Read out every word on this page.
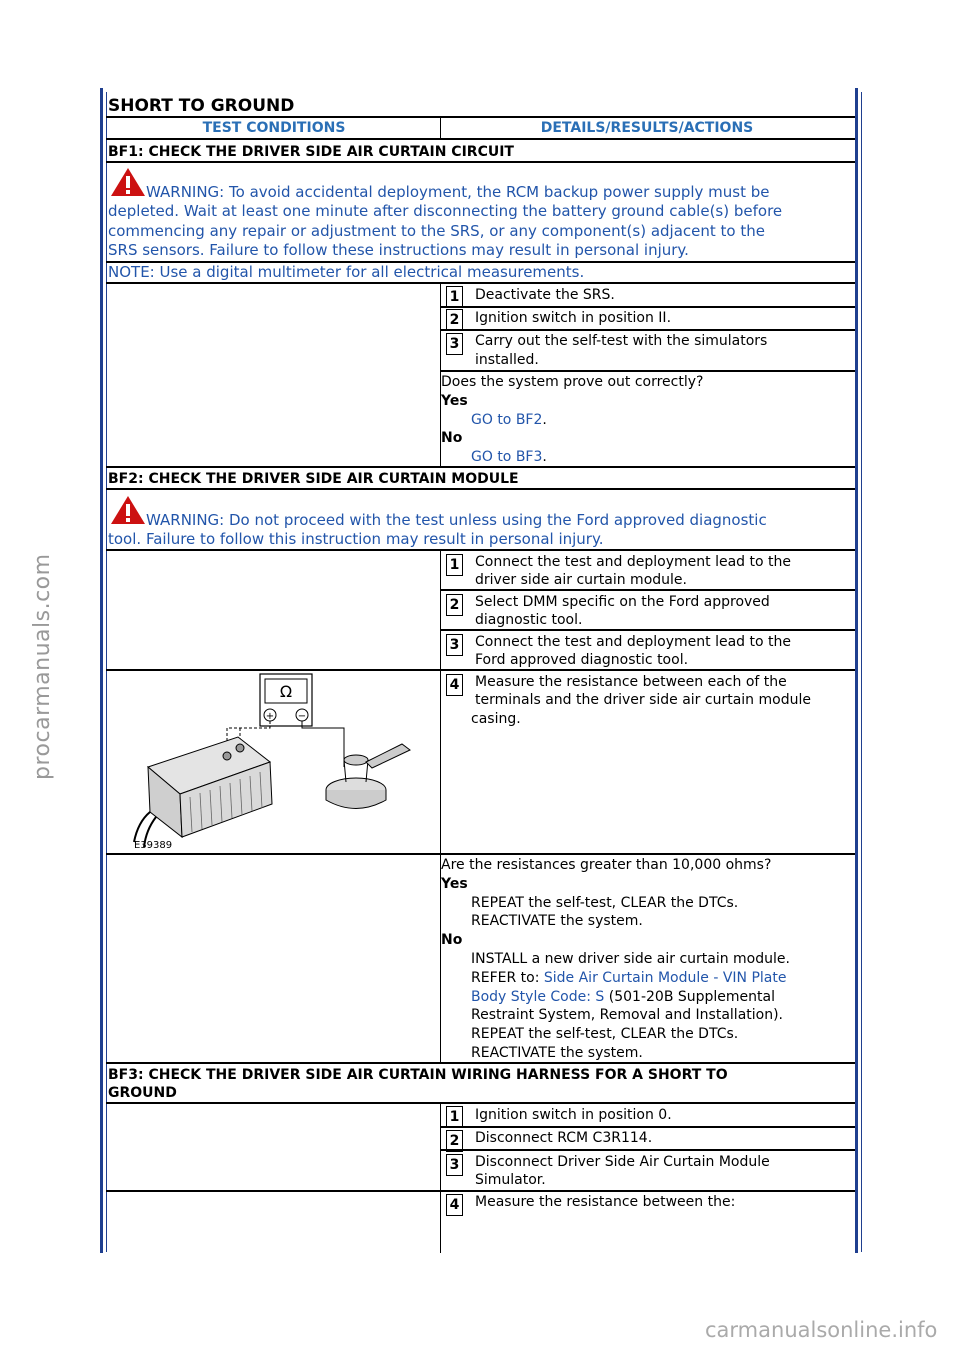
SHORT TO GROUND
TEST CONDITIONS	DETAILS/RESULTS/ACTIONS
BF1: CHECK THE DRIVER SIDE AIR CURTAIN CIRCUIT
WARNING: To avoid accidental deployment, the RCM backup power supply must be
depleted. Wait at least one minute after disconnecting the battery ground cable(s) before
commencing any repair or adjustment to the SRS, or any component(s) adjacent to the
SRS sensors. Failure to follow these instructions may result in personal injury.
NOTE: Use a digital multimeter for all electrical measurements.
1 Deactivate the SRS.
2 Ignition switch in position II.
3 Carry out the self-test with the simulators
installed.
Does the system prove out correctly?
Yes
GO to BF2.
No
GO to BF3.
BF2: CHECK THE DRIVER SIDE AIR CURTAIN MODULE
WARNING: Do not proceed with the test unless using the Ford approved diagnostic
tool. Failure to follow this instruction may result in personal injury.
1 Connect the test and deployment lead to the
driver side air curtain module.
2 Select DMM specific on the Ford approved
diagnostic tool.
3 Connect the test and deployment lead to the
Ford approved diagnostic tool.
Ω
+ −
E39389
4 Measure the resistance between each of the
terminals and the driver side air curtain module
casing.
Are the resistances greater than 10,000 ohms?
Yes
REPEAT the self-test, CLEAR the DTCs.
REACTIVATE the system.
No
INSTALL a new driver side air curtain module.
REFER to: Side Air Curtain Module - VIN Plate
Body Style Code: S (501-20B Supplemental
Restraint System, Removal and Installation).
REPEAT the self-test, CLEAR the DTCs.
REACTIVATE the system.
BF3: CHECK THE DRIVER SIDE AIR CURTAIN WIRING HARNESS FOR A SHORT TO
GROUND
1 Ignition switch in position 0.
2 Disconnect RCM C3R114.
3 Disconnect Driver Side Air Curtain Module
Simulator.
4 Measure the resistance between the:
procarmanuals.com
carmanualsonline.info
